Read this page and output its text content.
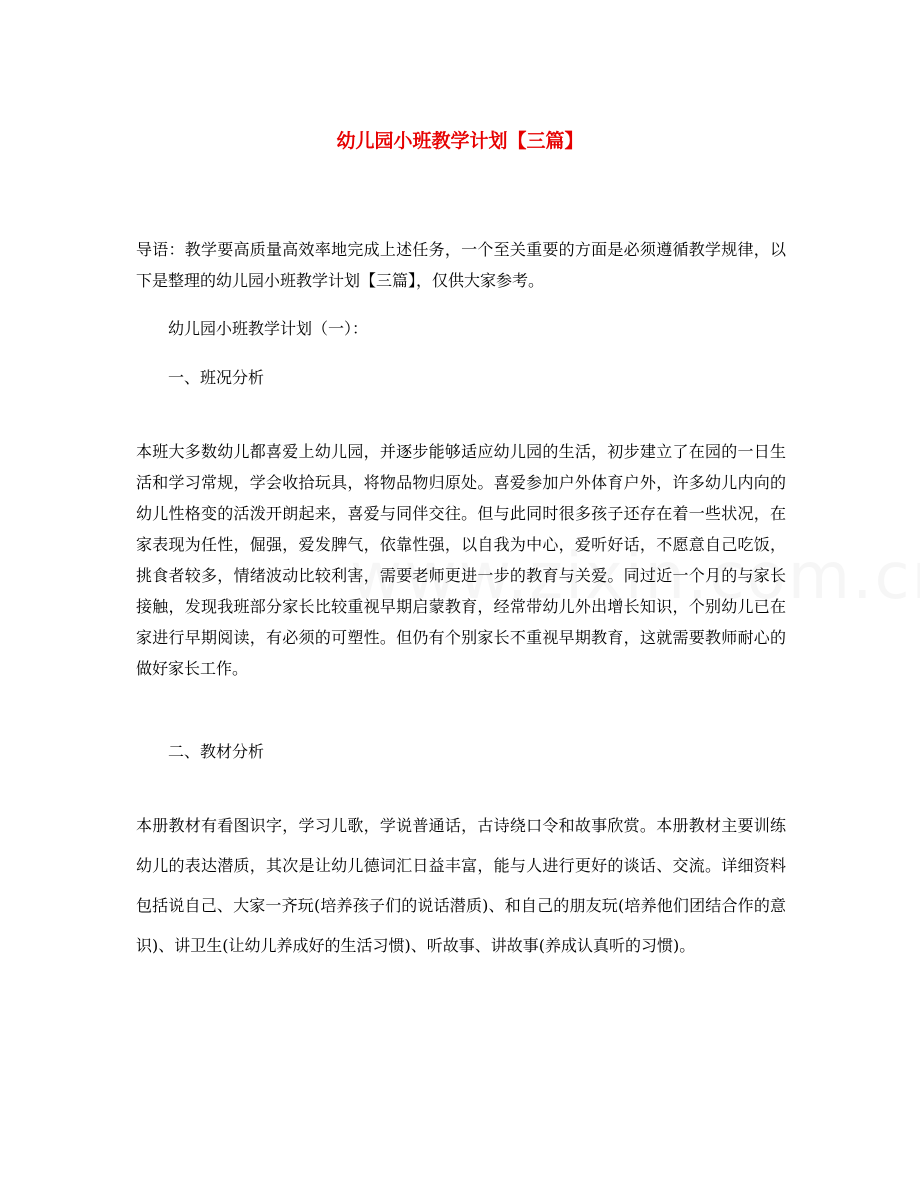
幼儿园小班教学计划【三篇】
导语：教学要高质量高效率地完成上述任务，一个至关重要的方面是必须遵循教学规律，以下是整理的幼儿园小班教学计划【三篇】，仅供大家参考。
幼儿园小班教学计划（一）：
一、班况分析
本班大多数幼儿都喜爱上幼儿园，并逐步能够适应幼儿园的生活，初步建立了在园的一日生活和学习常规，学会收拾玩具，将物品物归原处。喜爱参加户外体育户外，许多幼儿内向的幼儿性格变的活泼开朗起来，喜爱与同伴交往。但与此同时很多孩子还存在着一些状况，在家表现为任性，倔强，爱发脾气，依靠性强，以自我为中心，爱听好话，不愿意自己吃饭，挑食者较多，情绪波动比较利害，需要老师更进一步的教育与关爱。同过近一个月的与家长接触，发现我班部分家长比较重视早期启蒙教育，经常带幼儿外出增长知识，个别幼儿已在家进行早期阅读，有必须的可塑性。但仍有个别家长不重视早期教育，这就需要教师耐心的做好家长工作。
二、教材分析
本册教材有看图识字，学习儿歌，学说普通话，古诗绕口令和故事欣赏。本册教材主要训练幼儿的表达潜质，其次是让幼儿德词汇日益丰富，能与人进行更好的谈话、交流。详细资料包括说自己、大家一齐玩(培养孩子们的说话潜质)、和自己的朋友玩(培养他们团结合作的意识)、讲卫生(让幼儿养成好的生活习惯)、听故事、讲故事(养成认真听的习惯)。
